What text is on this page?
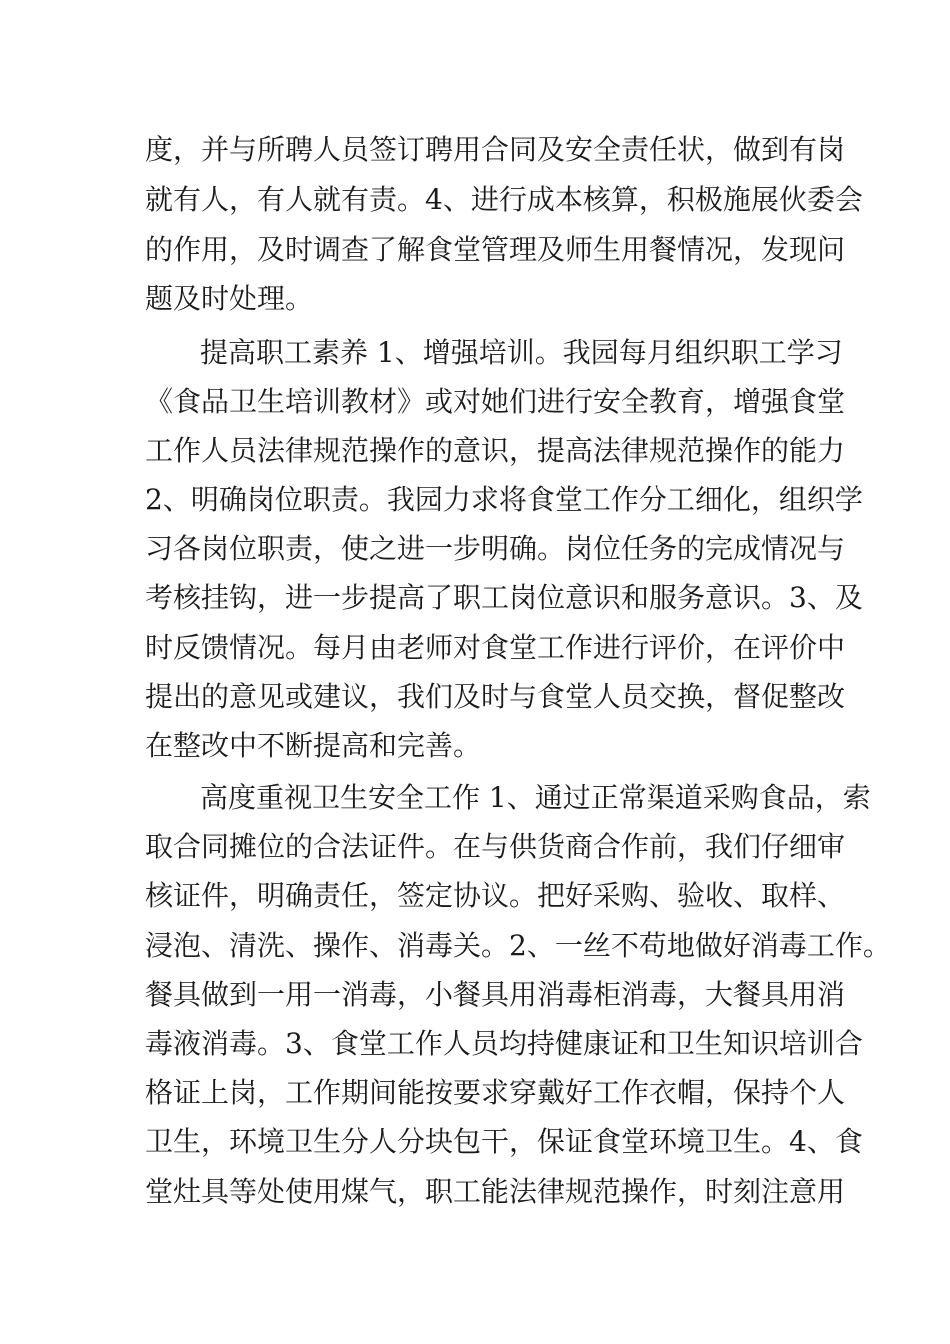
度，并与所聘人员签订聘用合同及安全责任状，做到有岗
就有人，有人就有责。4、进行成本核算，积极施展伙委会
的作用，及时调查了解食堂管理及师生用餐情况，发现问
题及时处理。
提高职工素养 1、增强培训。我园每月组织职工学习
《食品卫生培训教材》或对她们进行安全教育，增强食堂
工作人员法律规范操作的意识，提高法律规范操作的能力
2、明确岗位职责。我园力求将食堂工作分工细化，组织学
习各岗位职责，使之进一步明确。岗位任务的完成情况与
考核挂钩，进一步提高了职工岗位意识和服务意识。3、及
时反馈情况。每月由老师对食堂工作进行评价，在评价中
提出的意见或建议，我们及时与食堂人员交换，督促整改
在整改中不断提高和完善。
高度重视卫生安全工作 1、通过正常渠道采购食品，索
取合同摊位的合法证件。在与供货商合作前，我们仔细审
核证件，明确责任，签定协议。把好采购、验收、取样、
浸泡、清洗、操作、消毒关。2、一丝不苟地做好消毒工作。
餐具做到一用一消毒，小餐具用消毒柜消毒，大餐具用消
毒液消毒。3、食堂工作人员均持健康证和卫生知识培训合
格证上岗，工作期间能按要求穿戴好工作衣帽，保持个人
卫生，环境卫生分人分块包干，保证食堂环境卫生。4、食
堂灶具等处使用煤气，职工能法律规范操作，时刻注意用
